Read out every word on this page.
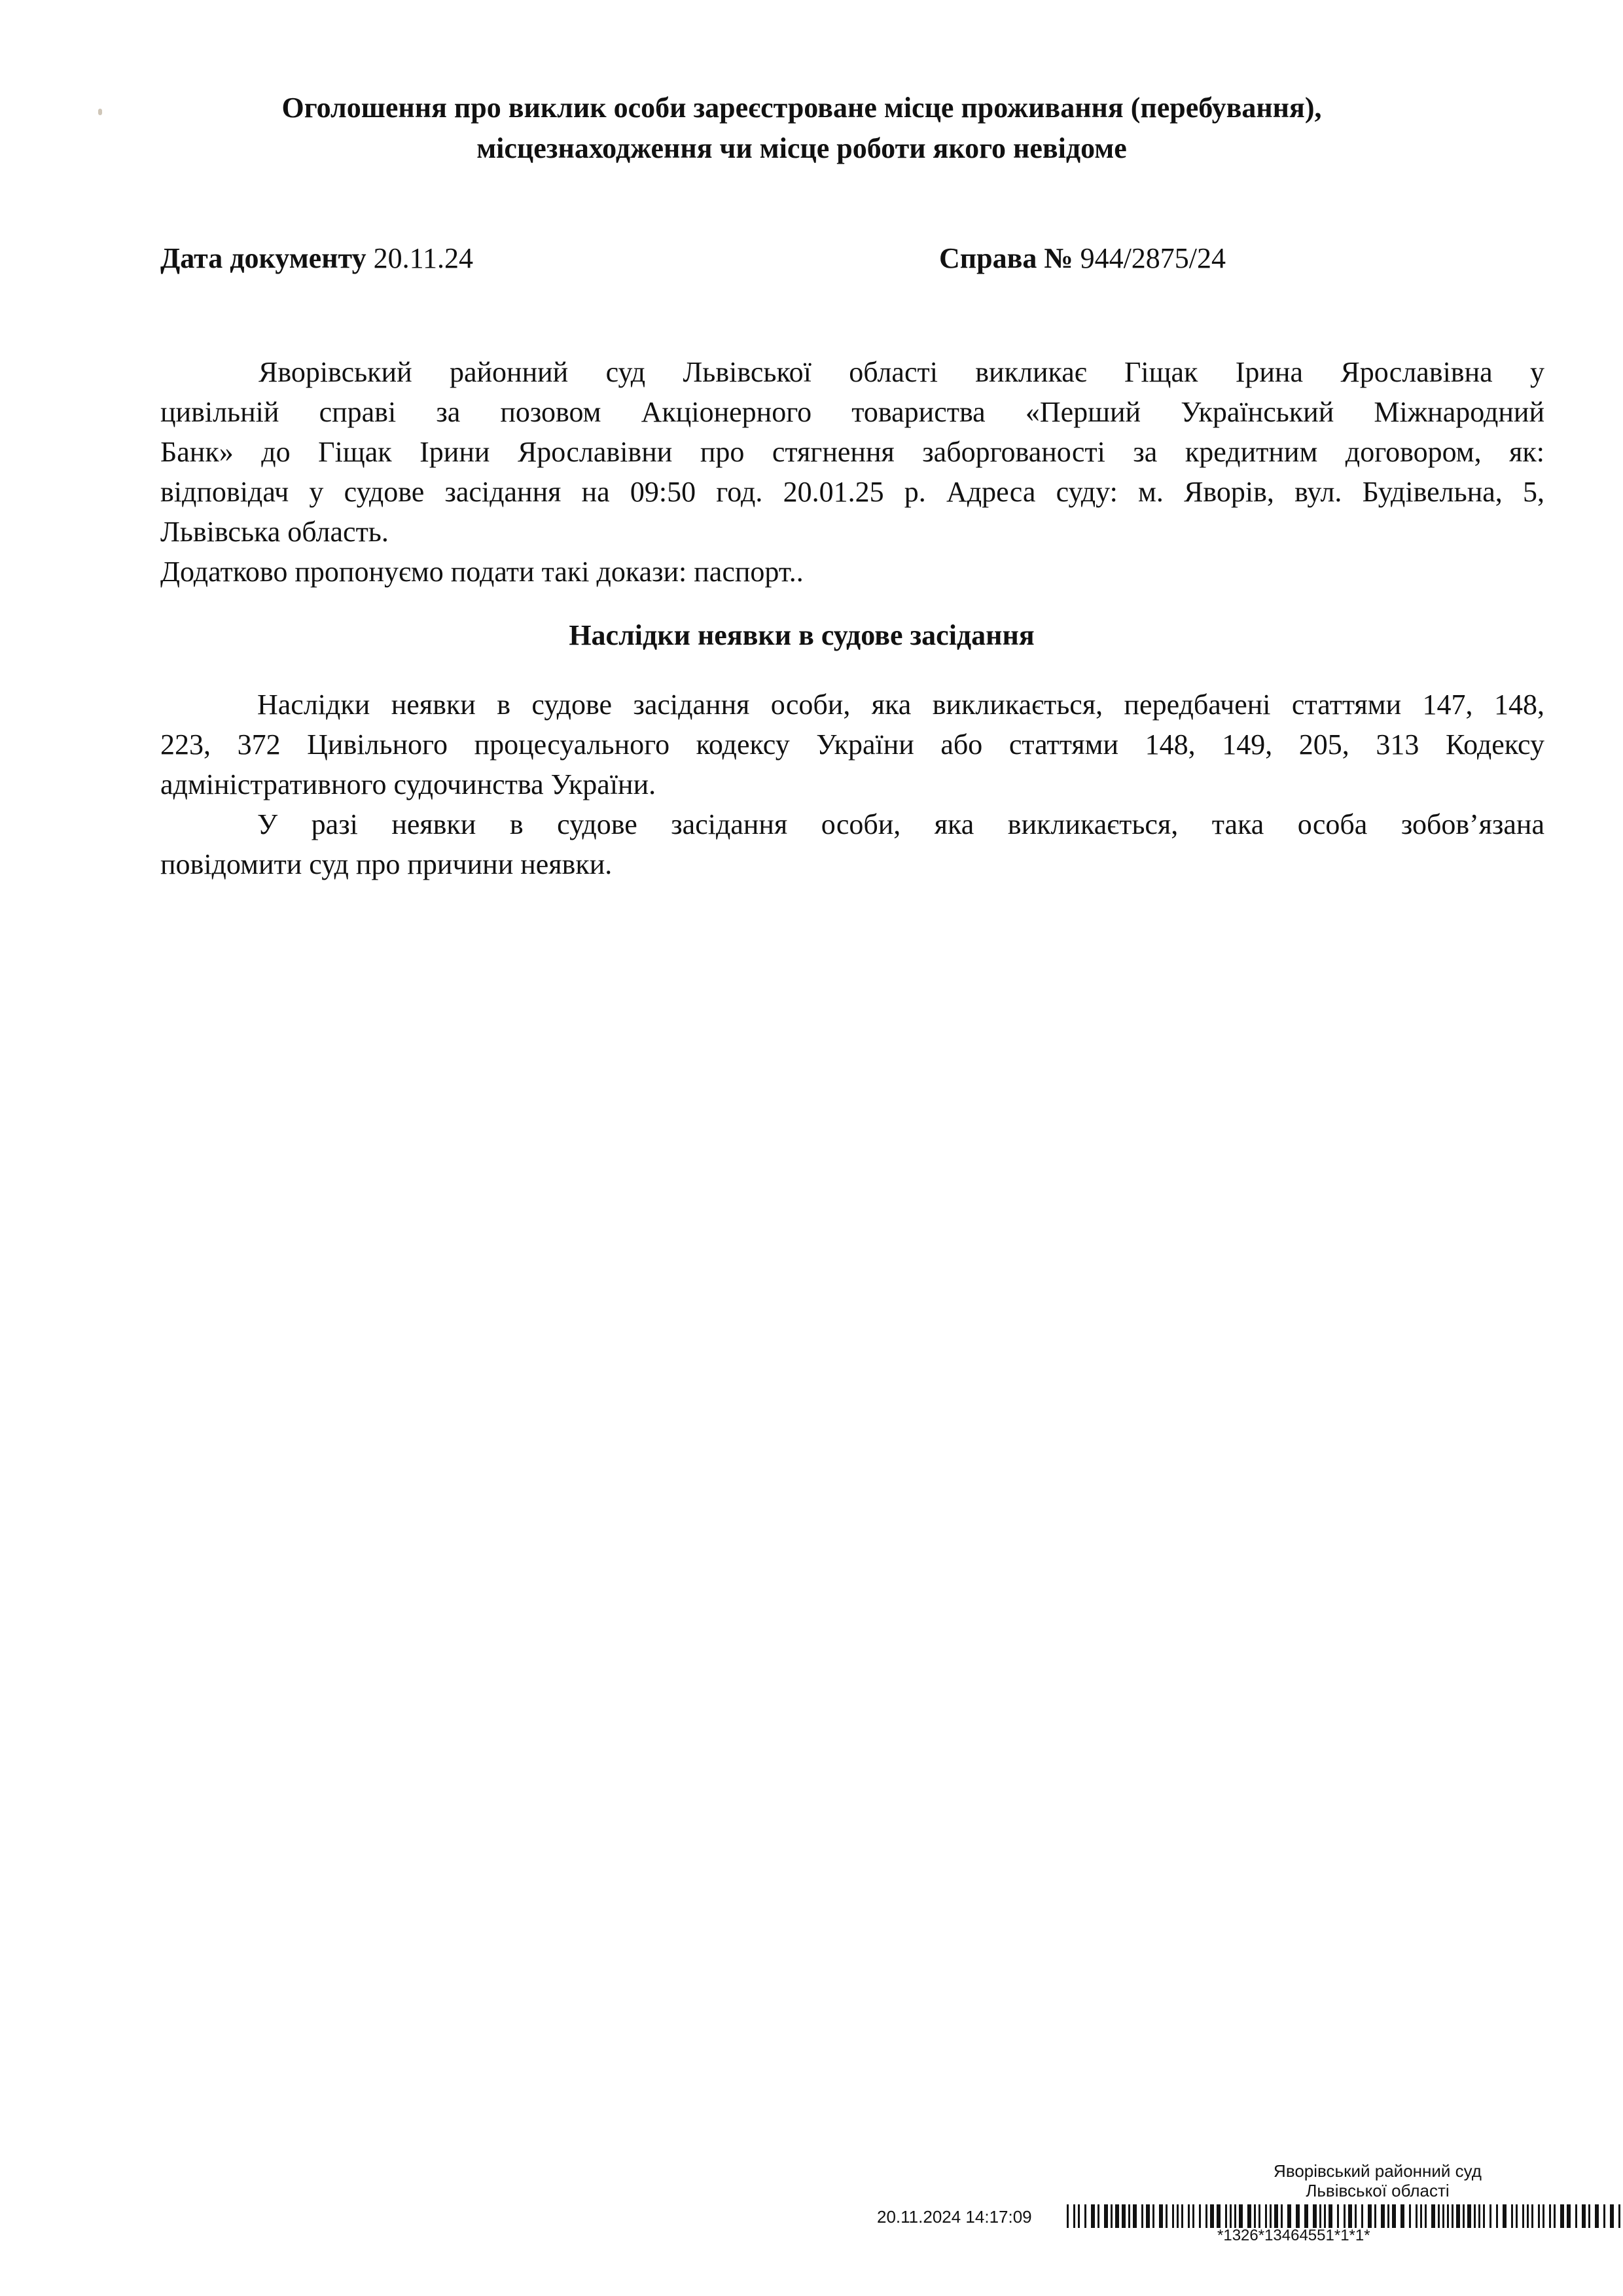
Оголошення про виклик особи зареєстроване місце проживання (перебування),
місцезнаходження чи місце роботи якого невідоме
Дата документу 20.11.24	Справа № 944/2875/24
Яворівський районний суд Львівської області викликає Гіщак Ірина Ярославівна у
цивільній справі за позовом Акціонерного товариства «Перший Український Міжнародний
Банк» до Гіщак Ірини Ярославівни про стягнення заборгованості за кредитним договором, як:
відповідач у судове засідання на 09:50 год. 20.01.25 р. Адреса суду: м. Яворів, вул. Будівельна, 5,
Львівська область.
Додатково пропонуємо подати такі докази: паспорт..
Наслідки неявки в судове засідання
Наслідки неявки в судове засідання особи, яка викликається, передбачені статтями 147, 148,
223, 372 Цивільного процесуального кодексу України або статтями 148, 149, 205, 313 Кодексу
адміністративного судочинства України.
У разі неявки в судове засідання особи, яка викликається, така особа зобов’язана
повідомити суд про причини неявки.
Яворівський районний суд
Львівської області
20.11.2024 14:17:09
*1326*13464551*1*1*
